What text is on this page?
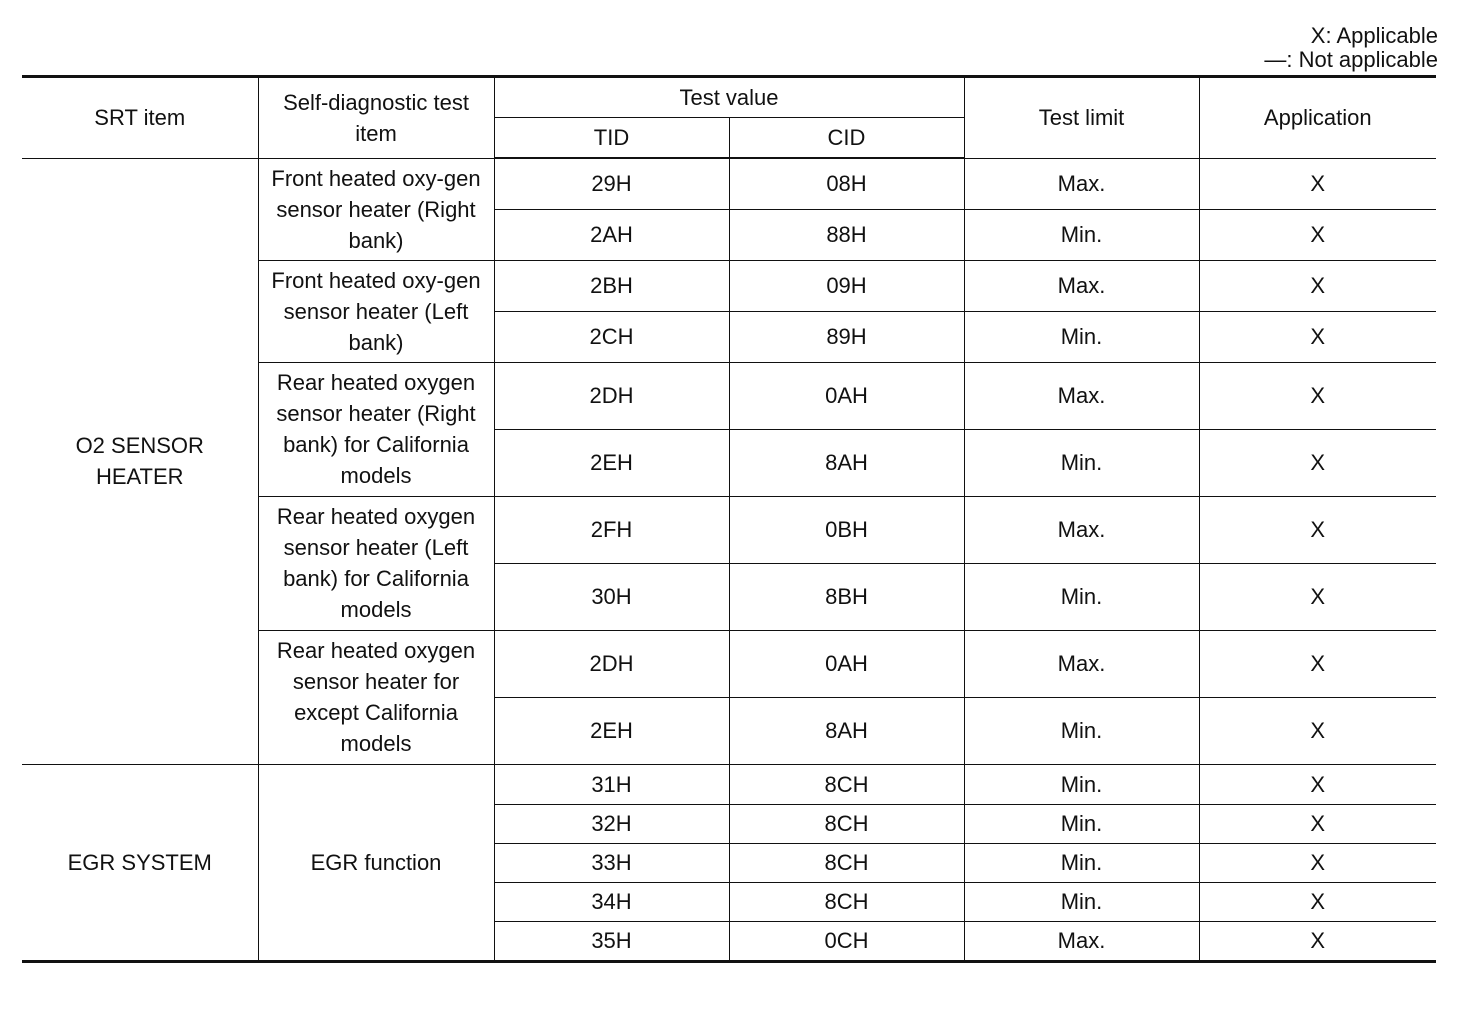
X: Applicable
—: Not applicable
SRT item	Self-diagnostic test item	Test value		Test limit	Application
		TID	CID		
O2 SENSOR HEATER	Front heated oxy-gen sensor heater (Right bank)	29H	08H	Max.	X
		2AH	88H	Min.	X
	Front heated oxy-gen sensor heater (Left bank)	2BH	09H	Max.	X
		2CH	89H	Min.	X
	Rear heated oxygen sensor heater (Right bank) for California models	2DH	0AH	Max.	X
		2EH	8AH	Min.	X
	Rear heated oxygen sensor heater (Left bank) for California models	2FH	0BH	Max.	X
		30H	8BH	Min.	X
	Rear heated oxygen sensor heater for except California models	2DH	0AH	Max.	X
		2EH	8AH	Min.	X
EGR SYSTEM	EGR function	31H	8CH	Min.	X
		32H	8CH	Min.	X
		33H	8CH	Min.	X
		34H	8CH	Min.	X
		35H	0CH	Max.	X
